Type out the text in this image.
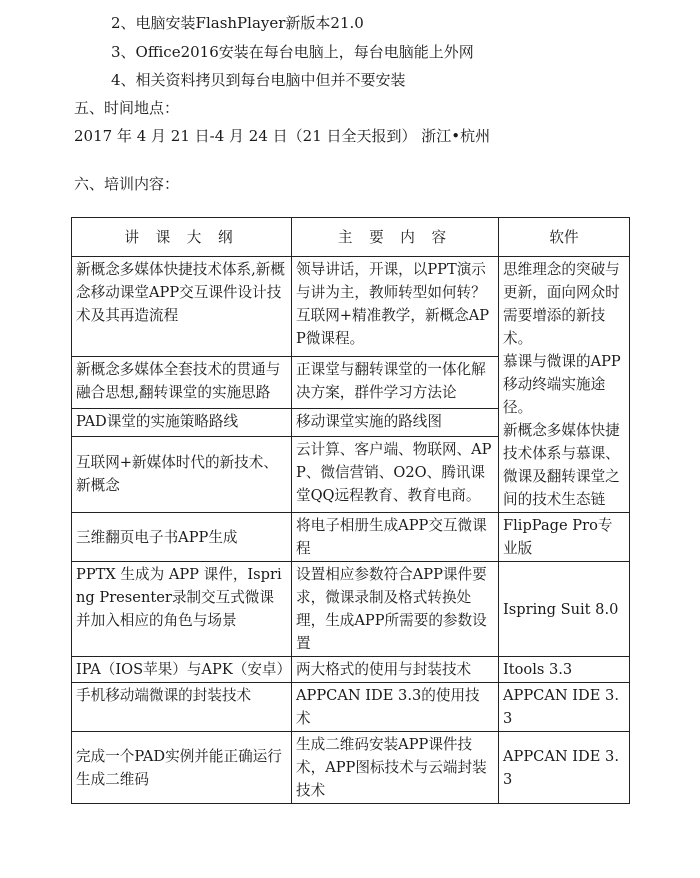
2、电脑安装FlashPlayer新版本21.0
3、Office2016安装在每台电脑上，每台电脑能上外网
4、相关资料拷贝到每台电脑中但并不要安装
五、时间地点：
2017 年 4 月 21 日-4 月 24 日（21 日全天报到） 浙江•杭州
六、培训内容：
讲 课 大 纲	主 要 内 容	软件
新概念多媒体快捷技术体系,新概念移动课堂APP交互课件设计技术及其再造流程	领导讲话，开课，以PPT演示与讲为主，教师转型如何转？互联网+精准教学，新概念APP微课程。	思维理念的突破与更新，面向网众时需要增添的新技术。
慕课与微课的APP移动终端实施途径。
新概念多媒体快捷技术体系与慕课、微课及翻转课堂之间的技术生态链

新概念多媒体全套技术的贯通与融合思想,翻转课堂的实施思路	正课堂与翻转课堂的一体化解决方案，群件学习方法论	
PAD课堂的实施策略路线	移动课堂实施的路线图	
互联网+新媒体时代的新技术、新概念	云计算、客户端、物联网、APP、微信营销、O2O、腾讯课堂QQ远程教育、教育电商。	
三维翻页电子书APP生成	将电子相册生成APP交互微课程	FlipPage Pro专业版
PPTX 生成为 APP 课件，Ispring Presenter录制交互式微课并加入相应的角色与场景	设置相应参数符合APP课件要求，微课录制及格式转换处理，生成APP所需要的参数设置	Ispring Suit 8.0
IPA（IOS苹果）与APK（安卓）	两大格式的使用与封装技术	Itools 3.3
手机移动端微课的封装技术	APPCAN IDE 3.3的使用技术	APPCAN IDE 3.3
完成一个PAD实例并能正确运行生成二维码	生成二维码安装APP课件技术，APP图标技术与云端封装技术	APPCAN IDE 3.3
